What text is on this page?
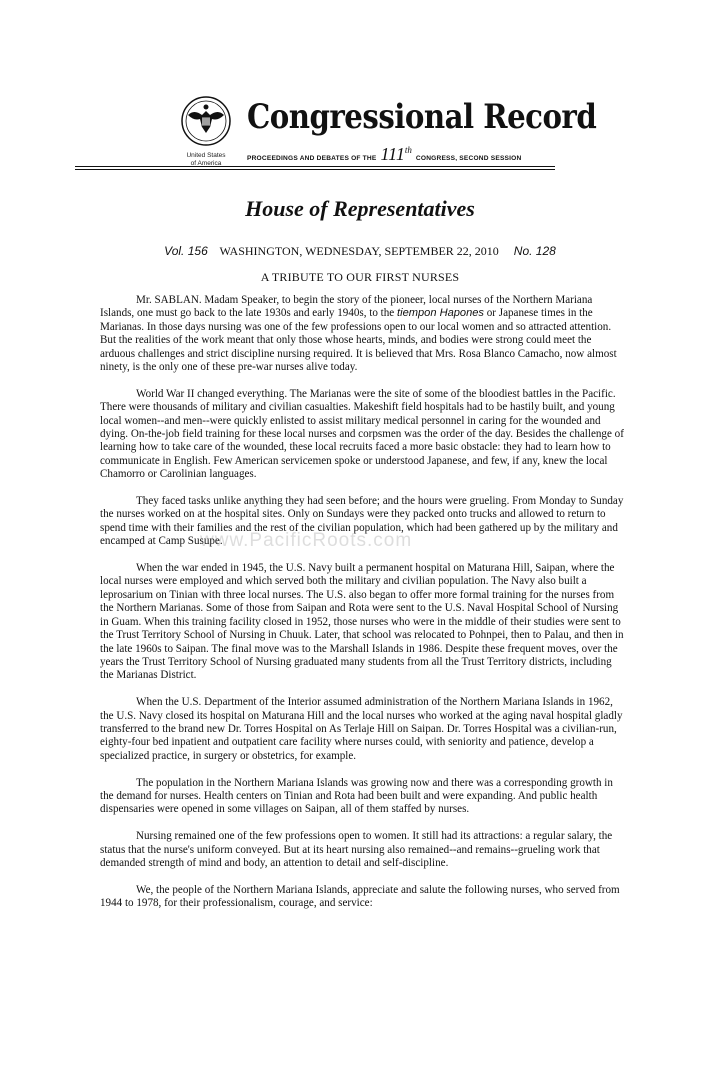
United States
of America
Congressional Record
PROCEEDINGS AND DEBATES OF THE 111th CONGRESS, SECOND SESSION
House of Representatives
Vol. 156 WASHINGTON, WEDNESDAY, SEPTEMBER 22, 2010 No. 128
A TRIBUTE TO OUR FIRST NURSES

Mr. SABLAN. Madam Speaker, to begin the story of the pioneer, local nurses of the Northern Mariana Islands, one must go back to the late 1930s and early 1940s, to the tiempon Hapones or Japanese times in the Marianas. In those days nursing was one of the few professions open to our local women and so attracted attention. But the realities of the work meant that only those whose hearts, minds, and bodies were strong could meet the arduous challenges and strict discipline nursing required. It is believed that Mrs. Rosa Blanco Camacho, now almost ninety, is the only one of these pre-war nurses alive today.

World War II changed everything. The Marianas were the site of some of the bloodiest battles in the Pacific. There were thousands of military and civilian casualties. Makeshift field hospitals had to be hastily built, and young local women--and men--were quickly enlisted to assist military medical personnel in caring for the wounded and dying. On-the-job field training for these local nurses and corpsmen was the order of the day. Besides the challenge of learning how to take care of the wounded, these local recruits faced a more basic obstacle: they had to learn how to communicate in English. Few American servicemen spoke or understood Japanese, and few, if any, knew the local Chamorro or Carolinian languages.

They faced tasks unlike anything they had seen before; and the hours were grueling. From Monday to Sunday the nurses worked on at the hospital sites. Only on Sundays were they packed onto trucks and allowed to return to spend time with their families and the rest of the civilian population, which had been gathered up by the military and encamped at Camp Susupe.

When the war ended in 1945, the U.S. Navy built a permanent hospital on Maturana Hill, Saipan, where the local nurses were employed and which served both the military and civilian population. The Navy also built a leprosarium on Tinian with three local nurses. The U.S. also began to offer more formal training for the nurses from the Northern Marianas. Some of those from Saipan and Rota were sent to the U.S. Naval Hospital School of Nursing in Guam. When this training facility closed in 1952, those nurses who were in the middle of their studies were sent to the Trust Territory School of Nursing in Chuuk. Later, that school was relocated to Pohnpei, then to Palau, and then in the late 1960s to Saipan. The final move was to the Marshall Islands in 1986. Despite these frequent moves, over the years the Trust Territory School of Nursing graduated many students from all the Trust Territory districts, including the Marianas District.

When the U.S. Department of the Interior assumed administration of the Northern Mariana Islands in 1962, the U.S. Navy closed its hospital on Maturana Hill and the local nurses who worked at the aging naval hospital gladly transferred to the brand new Dr. Torres Hospital on As Terlaje Hill on Saipan. Dr. Torres Hospital was a civilian-run, eighty-four bed inpatient and outpatient care facility where nurses could, with seniority and patience, develop a specialized practice, in surgery or obstetrics, for example.

The population in the Northern Mariana Islands was growing now and there was a corresponding growth in the demand for nurses. Health centers on Tinian and Rota had been built and were expanding. And public health dispensaries were opened in some villages on Saipan, all of them staffed by nurses.

Nursing remained one of the few professions open to women. It still had its attractions: a regular salary, the status that the nurse's uniform conveyed. But at its heart nursing also remained--and remains--grueling work that demanded strength of mind and body, an attention to detail and self-discipline.

We, the people of the Northern Mariana Islands, appreciate and salute the following nurses, who served from 1944 to 1978, for their professionalism, courage, and service:

www.PacificRoots.com
